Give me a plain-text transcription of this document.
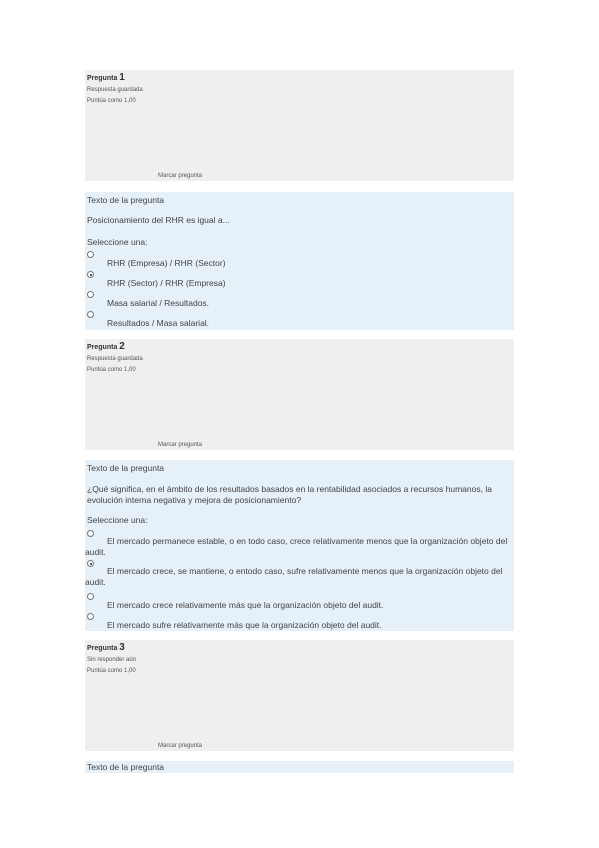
Pregunta 1
Respuesta guardada
Puntúa como 1,00
Marcar pregunta
Texto de la pregunta
Posicionamiento del RHR es igual a...
Seleccione una:
RHR (Empresa) / RHR (Sector)
RHR (Sector) / RHR (Empresa)
Masa salarial / Resultados.
Resultados / Masa salarial.
Pregunta 2
Respuesta guardada
Puntúa como 1,00
Marcar pregunta
Texto de la pregunta
¿Qué significa, en el ámbito de los resultados basados en la rentabilidad asociados a recursos humanos, la evolución interna negativa y mejora de posicionamiento?
Seleccione una:
El mercado permanece estable, o en todo caso, crece relativamente menos que la organización objeto del audit.
El mercado crece, se mantiene, o entodo caso, sufre relativamente menos que la organización objeto del audit.
El mercado crece relativamente más que la organización objeto del audit.
El mercado sufre relativamente más que la organización objeto del audit.
Pregunta 3
Sin responder aún
Puntúa como 1,00
Marcar pregunta
Texto de la pregunta
